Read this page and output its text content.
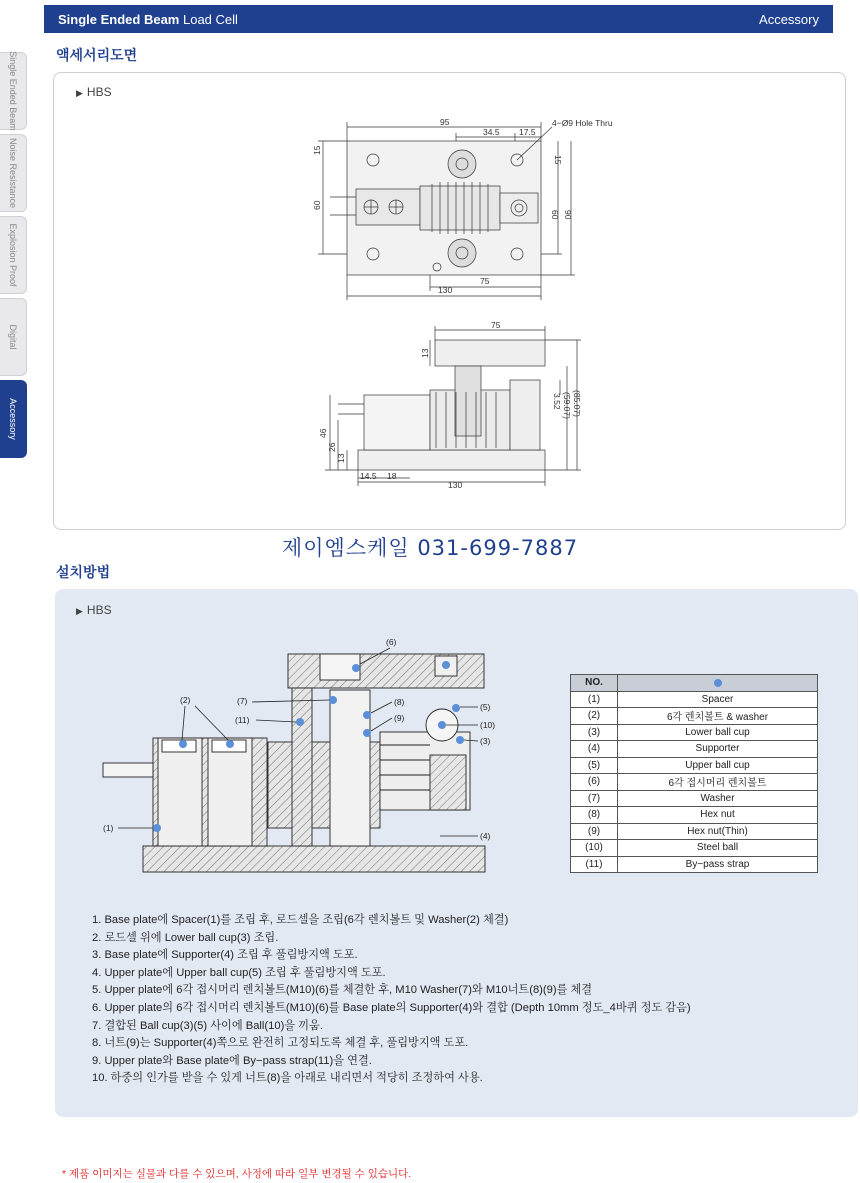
Single Ended Beam Load Cell	Accessory
Single Ended Beam
Noise Resistance
Explosion Proof
Digital
Accessory
액세서리도면
▶ HBS
95
34.5 17.5
4−Ø9 Hole Thru
15
60
15
60 90
75
130
75
13
3.52 (59.07) (85.07)
46
26
13
14.5 18
130
제이엠스케일 031-699-7887
설치방법
▶ HBS
(6)
(2)	(7)
(11)
(8)
(9)
(5)
(10)
(3)
(1)
(4)
NO.	
(1)	Spacer
(2)	6각 렌치볼트 & washer
(3)	Lower ball cup
(4)	Supporter
(5)	Upper ball cup
(6)	6각 접시머리 렌치볼트
(7)	Washer
(8)	Hex nut
(9)	Hex nut(Thin)
(10)	Steel ball
(11)	By−pass strap
1. Base plate에 Spacer(1)를 조립 후, 로드셀을 조립(6각 렌치볼트 및 Washer(2) 체결)
2. 로드셀 위에 Lower ball cup(3) 조립.
3. Base plate에 Supporter(4) 조립 후 풀림방지액 도포.
4. Upper plate에 Upper ball cup(5) 조립 후 풀림방지액 도포.
5. Upper plate에 6각 접시머리 렌치볼트(M10)(6)를 체결한 후, M10 Washer(7)와 M10너트(8)(9)를 체결
6. Upper plate의 6각 접시머리 렌치볼트(M10)(6)를 Base plate의 Supporter(4)와 결합 (Depth 10mm 정도_4바퀴 정도 감음)
7. 결합된 Ball cup(3)(5) 사이에 Ball(10)을 끼움.
8. 너트(9)는 Supporter(4)쪽으로 완전히 고정되도록 체결 후, 풀림방지액 도포.
9. Upper plate와 Base plate에 By−pass strap(11)을 연결.
10. 하중의 인가를 받을 수 있게 너트(8)을 아래로 내리면서 적당히 조정하여 사용.
* 제품 이미지는 실물과 다를 수 있으며, 사정에 따라 일부 변경될 수 있습니다.
